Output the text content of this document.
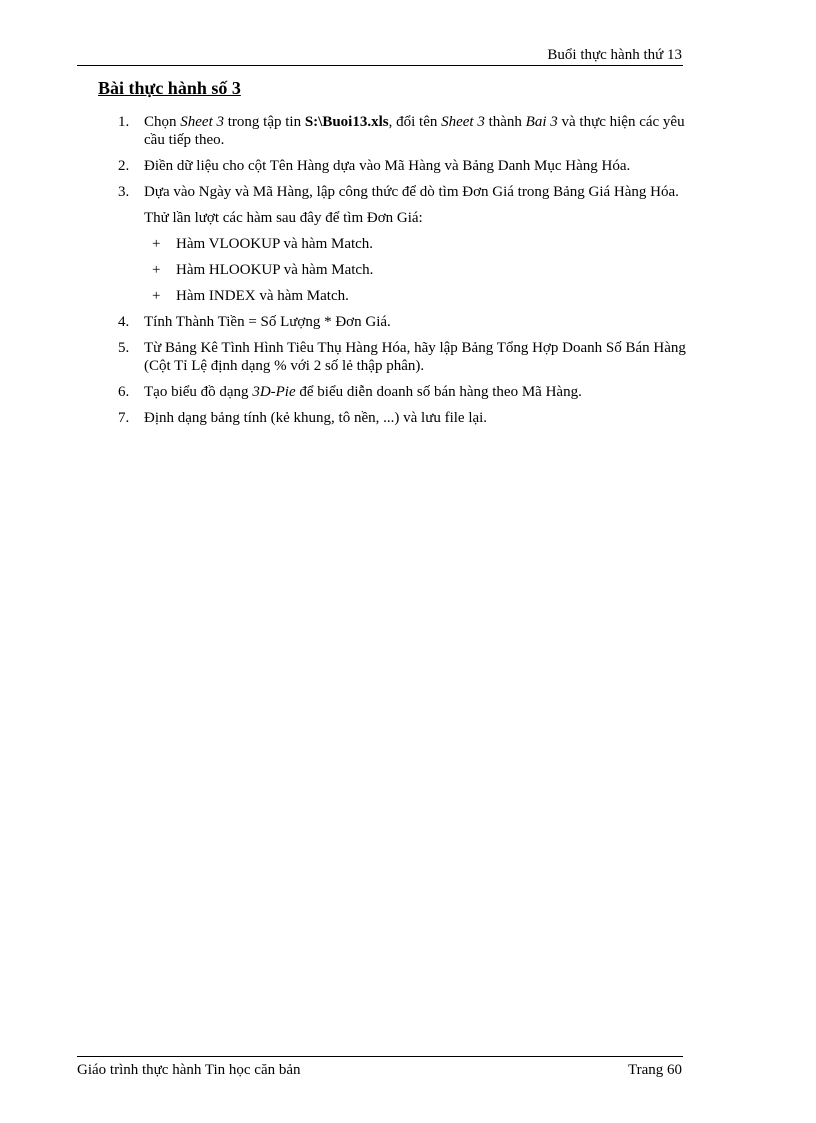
Buổi thực hành thứ 13
Bài thực hành số 3
1. Chọn Sheet 3 trong tập tin S:\Buoi13.xls, đổi tên Sheet 3 thành Bai 3 và thực hiện các yêu cầu tiếp theo.
2. Điền dữ liệu cho cột Tên Hàng dựa vào Mã Hàng và Bảng Danh Mục Hàng Hóa.
3. Dựa vào Ngày và Mã Hàng, lập công thức để dò tìm Đơn Giá trong Bảng Giá Hàng Hóa.
Thử lần lượt các hàm sau đây để tìm Đơn Giá:
+ Hàm VLOOKUP và hàm Match.
+ Hàm HLOOKUP và hàm Match.
+ Hàm INDEX và hàm Match.
4. Tính Thành Tiền = Số Lượng * Đơn Giá.
5. Từ Bảng Kê Tình Hình Tiêu Thụ Hàng Hóa, hãy lập Bảng Tổng Hợp Doanh Số Bán Hàng (Cột Tỉ Lệ định dạng % với 2 số lẻ thập phân).
6. Tạo biểu đồ dạng 3D-Pie để biểu diễn doanh số bán hàng theo Mã Hàng.
7. Định dạng bảng tính (kẻ khung, tô nền, ...) và lưu file lại.
Giáo trình thực hành Tin học căn bản	Trang 60
